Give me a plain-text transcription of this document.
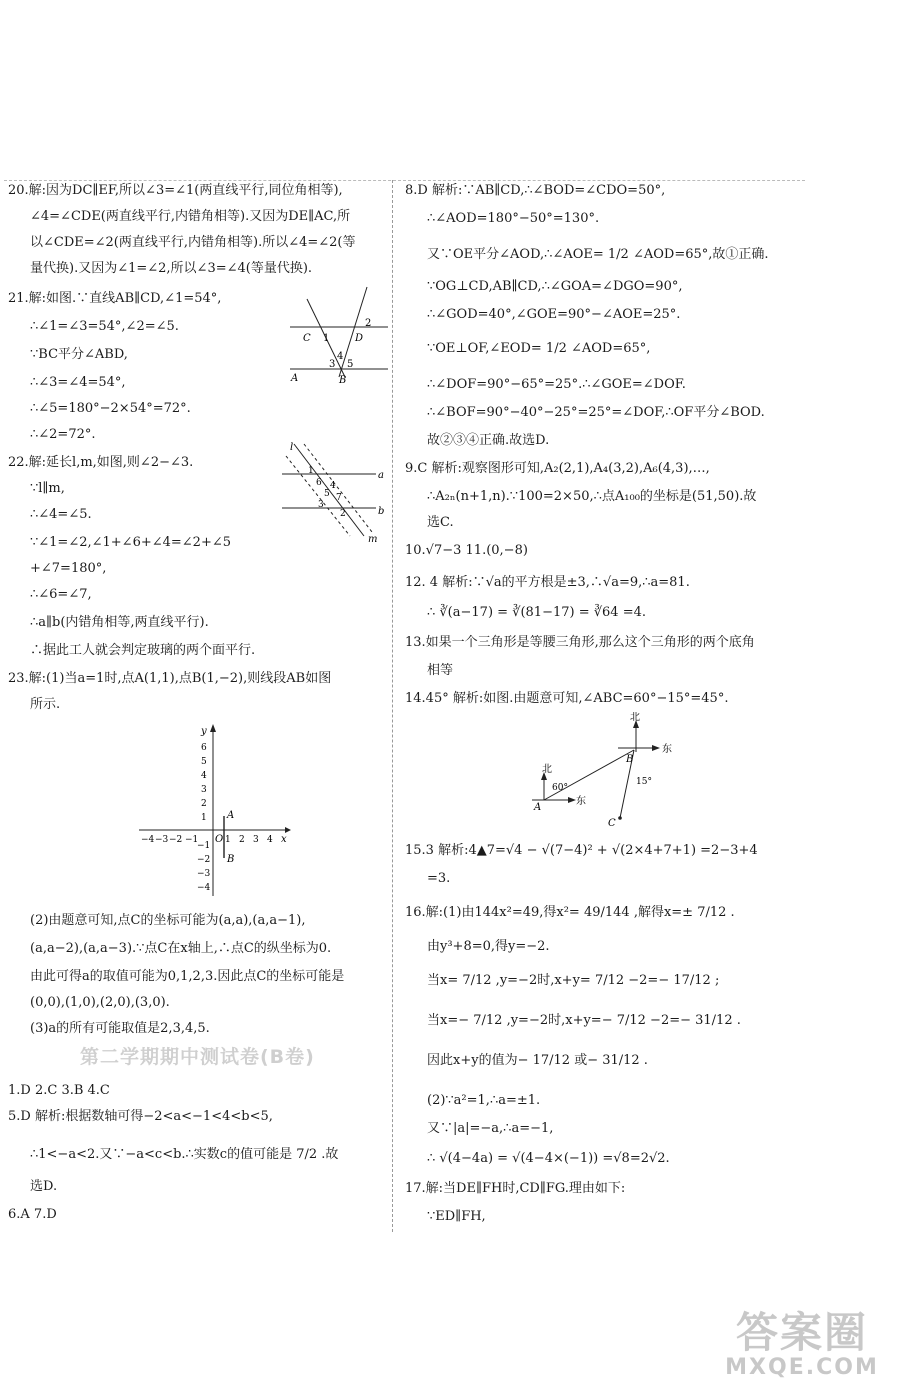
20.解:因为DC∥EF,所以∠3=∠1(两直线平行,同位角相等),
∠4=∠CDE(两直线平行,内错角相等).又因为DE∥AC,所
以∠CDE=∠2(两直线平行,内错角相等).所以∠4=∠2(等
量代换).又因为∠1=∠2,所以∠3=∠4(等量代换).
21.解:如图.∵直线AB∥CD,∠1=54°,
∴∠1=∠3=54°,∠2=∠5.
∵BC平分∠ABD,
∴∠3=∠4=54°,
∴∠5=180°−2×54°=72°.
∴∠2=72°.
22.解:延长l,m,如图,则∠2−∠3.
∵l∥m,
∴∠4=∠5.
∵∠1=∠2,∠1+∠6+∠4=∠2+∠5
+∠7=180°,
∴∠6=∠7,
∴a∥b(内错角相等,两直线平行).
∴据此工人就会判定玻璃的两个面平行.
23.解:(1)当a=1时,点A(1,1),点B(1,−2),则线段AB如图
所示.
(2)由题意可知,点C的坐标可能为(a,a),(a,a−1),
(a,a−2),(a,a−3).∵点C在x轴上,∴点C的纵坐标为0.
由此可得a的取值可能为0,1,2,3.因此点C的坐标可能是
(0,0),(1,0),(2,0),(3,0).
(3)a的所有可能取值是2,3,4,5.
1.D 2.C 3.B 4.C
5.D 解析:根据数轴可得−2<a<−1<4<b<5,
∴1<−a<2.又∵−a<c<b.∴实数c的值可能是 7/2 .故
选D.
6.A 7.D
第二学期期中测试卷(B卷)
2
C 1	D
4
3 5
A	B
l
1	a
6 4
5 7
3
2	b
m
x
y
O
−4 −3 −2 −1	1 2 3 4
6
5
4
3
2
1
−1
−2
−3
−4
A
B
8.D 解析:∵AB∥CD,∴∠BOD=∠CDO=50°,
∴∠AOD=180°−50°=130°.
又∵OE平分∠AOD,∴∠AOE= 1/2 ∠AOD=65°,故①正确.
∵OG⊥CD,AB∥CD,∴∠GOA=∠DGO=90°,
∴∠GOD=40°,∠GOE=90°−∠AOE=25°.
∵OE⊥OF,∠EOD= 1/2 ∠AOD=65°,
∴∠DOF=90°−65°=25°.∴∠GOE=∠DOF.
∴∠BOF=90°−40°−25°=25°=∠DOF,∴OF平分∠BOD.
故②③④正确.故选D.
9.C 解析:观察图形可知,A₂(2,1),A₄(3,2),A₆(4,3),…,
∴A₂ₙ(n+1,n).∵100=2×50,∴点A₁₀₀的坐标是(51,50).故
选C.
10.√7−3 11.(0,−8)
12. 4 解析:∵√a的平方根是±3,∴√a=9,∴a=81.
∴ ∛(a−17) = ∛(81−17) = ∛64 =4.
13.如果一个三角形是等腰三角形,那么这个三角形的两个底角
相等
14.45° 解析:如图.由题意可知,∠ABC=60°−15°=45°.
15.3 解析:4▲7=√4 − √(7−4)² + √(2×4+7+1) =2−3+4
=3.
16.解:(1)由144x²=49,得x²= 49/144 ,解得x=± 7/12 .
由y³+8=0,得y=−2.
当x= 7/12 ,y=−2时,x+y= 7/12 −2=− 17/12 ;
当x=− 7/12 ,y=−2时,x+y=− 7/12 −2=− 31/12 .
因此x+y的值为− 17/12 或− 31/12 .
(2)∵a²=1,∴a=±1.
又∵|a|=−a,∴a=−1,
∴ √(4−4a) = √(4−4×(−1)) =√8=2√2.
17.解:当DE∥FH时,CD∥FG.理由如下:
∵ED∥FH,
北
东
北
东
60°
15°
A
B
C
答案圈
MXQE.COM
